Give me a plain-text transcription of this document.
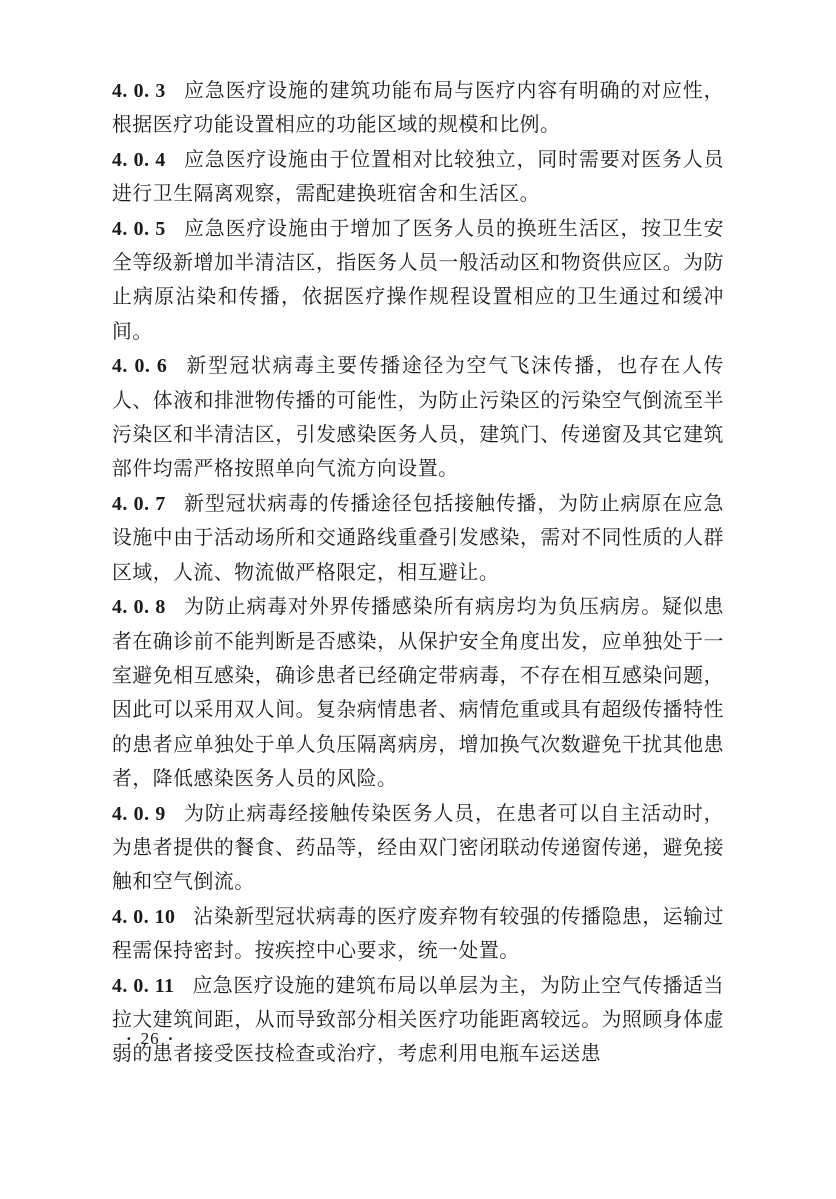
4. 0. 3 应急医疗设施的建筑功能布局与医疗内容有明确的对应性，根据医疗功能设置相应的功能区域的规模和比例。

4. 0. 4 应急医疗设施由于位置相对比较独立，同时需要对医务人员进行卫生隔离观察，需配建换班宿舍和生活区。

4. 0. 5 应急医疗设施由于增加了医务人员的换班生活区，按卫生安全等级新增加半清洁区，指医务人员一般活动区和物资供应区。为防止病原沾染和传播，依据医疗操作规程设置相应的卫生通过和缓冲间。

4. 0. 6 新型冠状病毒主要传播途径为空气飞沫传播，也存在人传人、体液和排泄物传播的可能性，为防止污染区的污染空气倒流至半污染区和半清洁区，引发感染医务人员，建筑门、传递窗及其它建筑部件均需严格按照单向气流方向设置。

4. 0. 7 新型冠状病毒的传播途径包括接触传播，为防止病原在应急设施中由于活动场所和交通路线重叠引发感染，需对不同性质的人群区域，人流、物流做严格限定，相互避让。

4. 0. 8 为防止病毒对外界传播感染所有病房均为负压病房。疑似患者在确诊前不能判断是否感染，从保护安全角度出发，应单独处于一室避免相互感染，确诊患者已经确定带病毒，不存在相互感染问题，因此可以采用双人间。复杂病情患者、病情危重或具有超级传播特性的患者应单独处于单人负压隔离病房，增加换气次数避免干扰其他患者，降低感染医务人员的风险。

4. 0. 9 为防止病毒经接触传染医务人员，在患者可以自主活动时，为患者提供的餐食、药品等，经由双门密闭联动传递窗传递，避免接触和空气倒流。

4. 0. 10 沾染新型冠状病毒的医疗废弃物有较强的传播隐患，运输过程需保持密封。按疾控中心要求，统一处置。

4. 0. 11 应急医疗设施的建筑布局以单层为主，为防止空气传播适当拉大建筑间距，从而导致部分相关医疗功能距离较远。为照顾身体虚弱的患者接受医技检查或治疗，考虑利用电瓶车运送患

· 26 ·
